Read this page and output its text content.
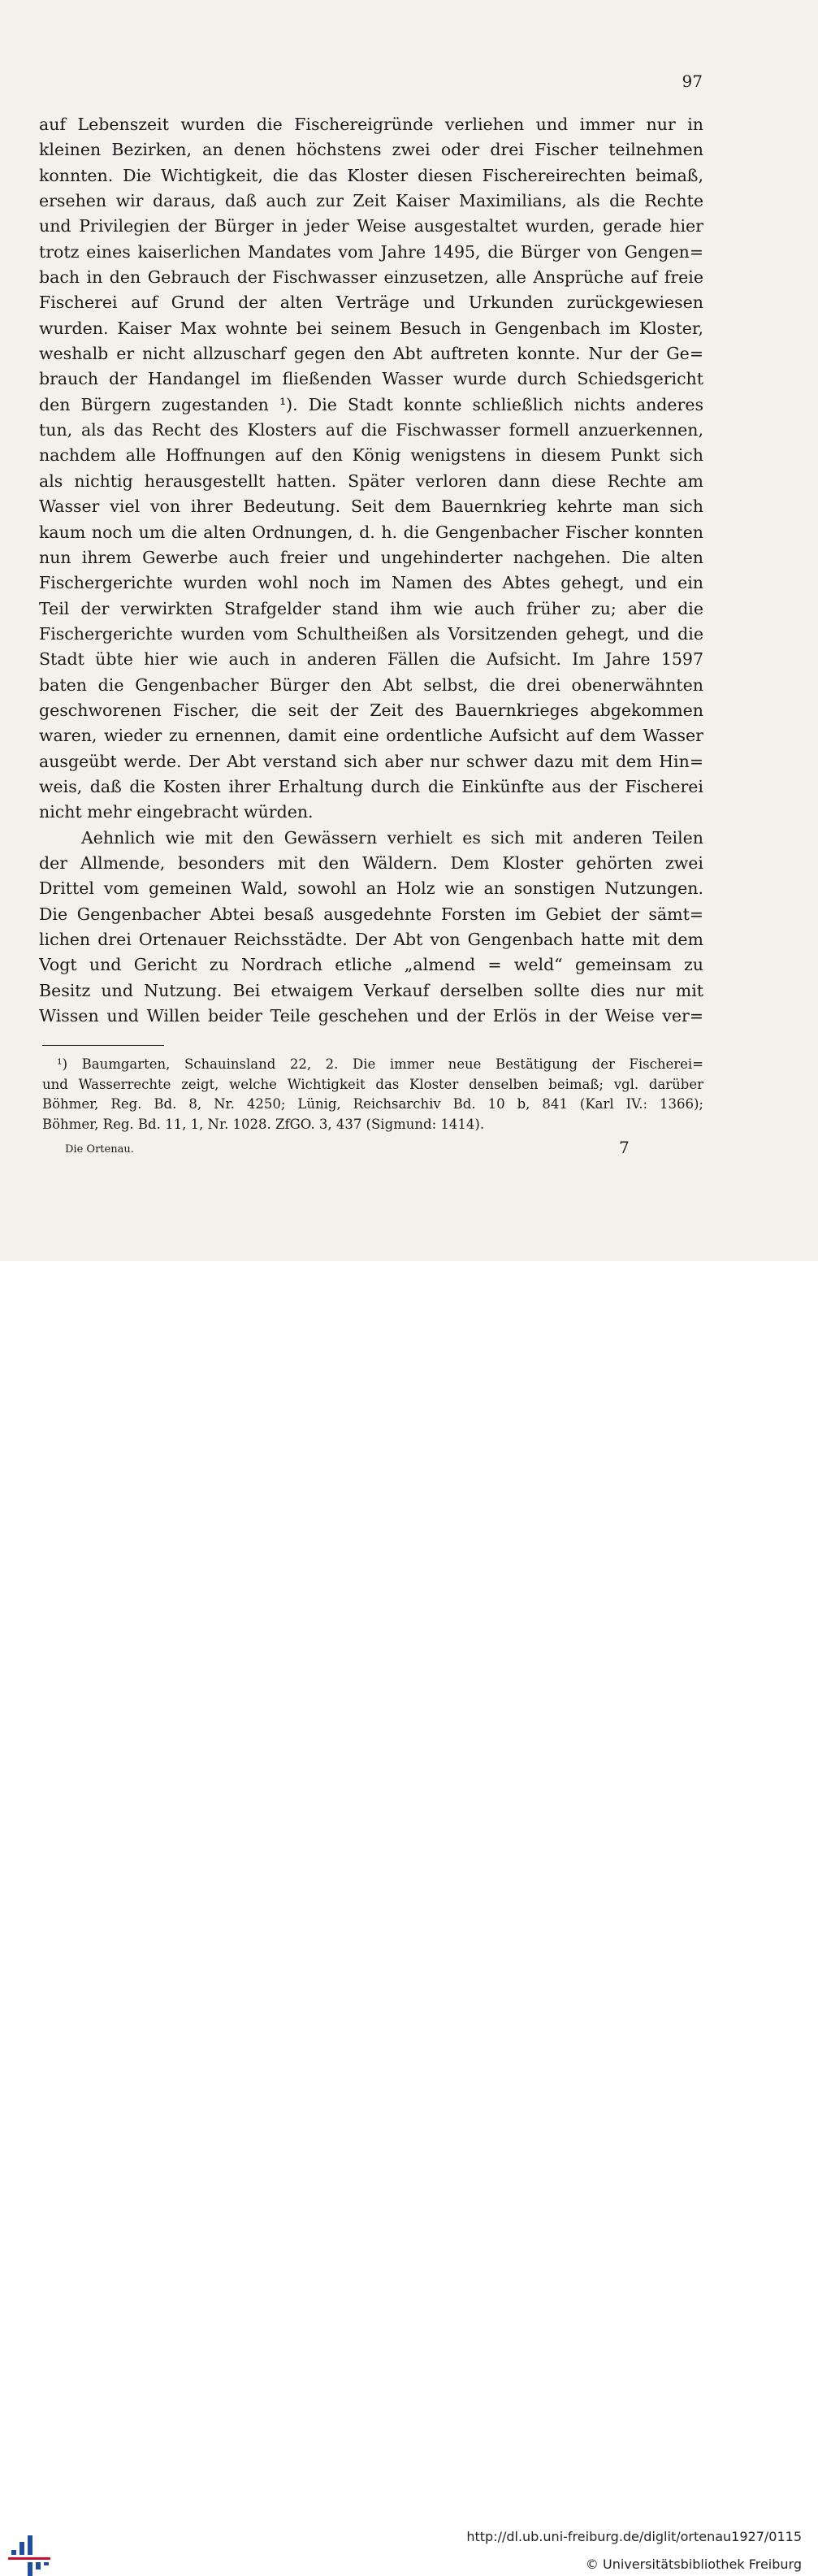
97
auf Lebenszeit wurden die Fischereigründe verliehen und immer nur in
kleinen Bezirken, an denen höchstens zwei oder drei Fischer teilnehmen
konnten. Die Wichtigkeit, die das Kloster diesen Fischereirechten beimaß,
ersehen wir daraus, daß auch zur Zeit Kaiser Maximilians, als die Rechte
und Privilegien der Bürger in jeder Weise ausgestaltet wurden, gerade hier
trotz eines kaiserlichen Mandates vom Jahre 1495, die Bürger von Gengen=
bach in den Gebrauch der Fischwasser einzusetzen, alle Ansprüche auf freie
Fischerei auf Grund der alten Verträge und Urkunden zurückgewiesen
wurden. Kaiser Max wohnte bei seinem Besuch in Gengenbach im Kloster,
weshalb er nicht allzuscharf gegen den Abt auftreten konnte. Nur der Ge=
brauch der Handangel im fließenden Wasser wurde durch Schiedsgericht
den Bürgern zugestanden ¹). Die Stadt konnte schließlich nichts anderes
tun, als das Recht des Klosters auf die Fischwasser formell anzuerkennen,
nachdem alle Hoffnungen auf den König wenigstens in diesem Punkt sich
als nichtig herausgestellt hatten. Später verloren dann diese Rechte am
Wasser viel von ihrer Bedeutung. Seit dem Bauernkrieg kehrte man sich
kaum noch um die alten Ordnungen, d. h. die Gengenbacher Fischer konnten
nun ihrem Gewerbe auch freier und ungehinderter nachgehen. Die alten
Fischergerichte wurden wohl noch im Namen des Abtes gehegt, und ein
Teil der verwirkten Strafgelder stand ihm wie auch früher zu; aber die
Fischergerichte wurden vom Schultheißen als Vorsitzenden gehegt, und die
Stadt übte hier wie auch in anderen Fällen die Aufsicht. Im Jahre 1597
baten die Gengenbacher Bürger den Abt selbst, die drei obenerwähnten
geschworenen Fischer, die seit der Zeit des Bauernkrieges abgekommen
waren, wieder zu ernennen, damit eine ordentliche Aufsicht auf dem Wasser
ausgeübt werde. Der Abt verstand sich aber nur schwer dazu mit dem Hin=
weis, daß die Kosten ihrer Erhaltung durch die Einkünfte aus der Fischerei
nicht mehr eingebracht würden.
Aehnlich wie mit den Gewässern verhielt es sich mit anderen Teilen
der Allmende, besonders mit den Wäldern. Dem Kloster gehörten zwei
Drittel vom gemeinen Wald, sowohl an Holz wie an sonstigen Nutzungen.
Die Gengenbacher Abtei besaß ausgedehnte Forsten im Gebiet der sämt=
lichen drei Ortenauer Reichsstädte. Der Abt von Gengenbach hatte mit dem
Vogt und Gericht zu Nordrach etliche „almend = weld“ gemeinsam zu
Besitz und Nutzung. Bei etwaigem Verkauf derselben sollte dies nur mit
Wissen und Willen beider Teile geschehen und der Erlös in der Weise ver=
¹) Baumgarten, Schauinsland 22, 2. Die immer neue Bestätigung der Fischerei=
und Wasserrechte zeigt, welche Wichtigkeit das Kloster denselben beimaß; vgl. darüber
Böhmer, Reg. Bd. 8, Nr. 4250; Lünig, Reichsarchiv Bd. 10 b, 841 (Karl IV.: 1366);
Böhmer, Reg. Bd. 11, 1, Nr. 1028. ZfGO. 3, 437 (Sigmund: 1414).
Die Ortenau.	7
http://dl.ub.uni-freiburg.de/diglit/ortenau1927/0115
© Universitätsbibliothek Freiburg
